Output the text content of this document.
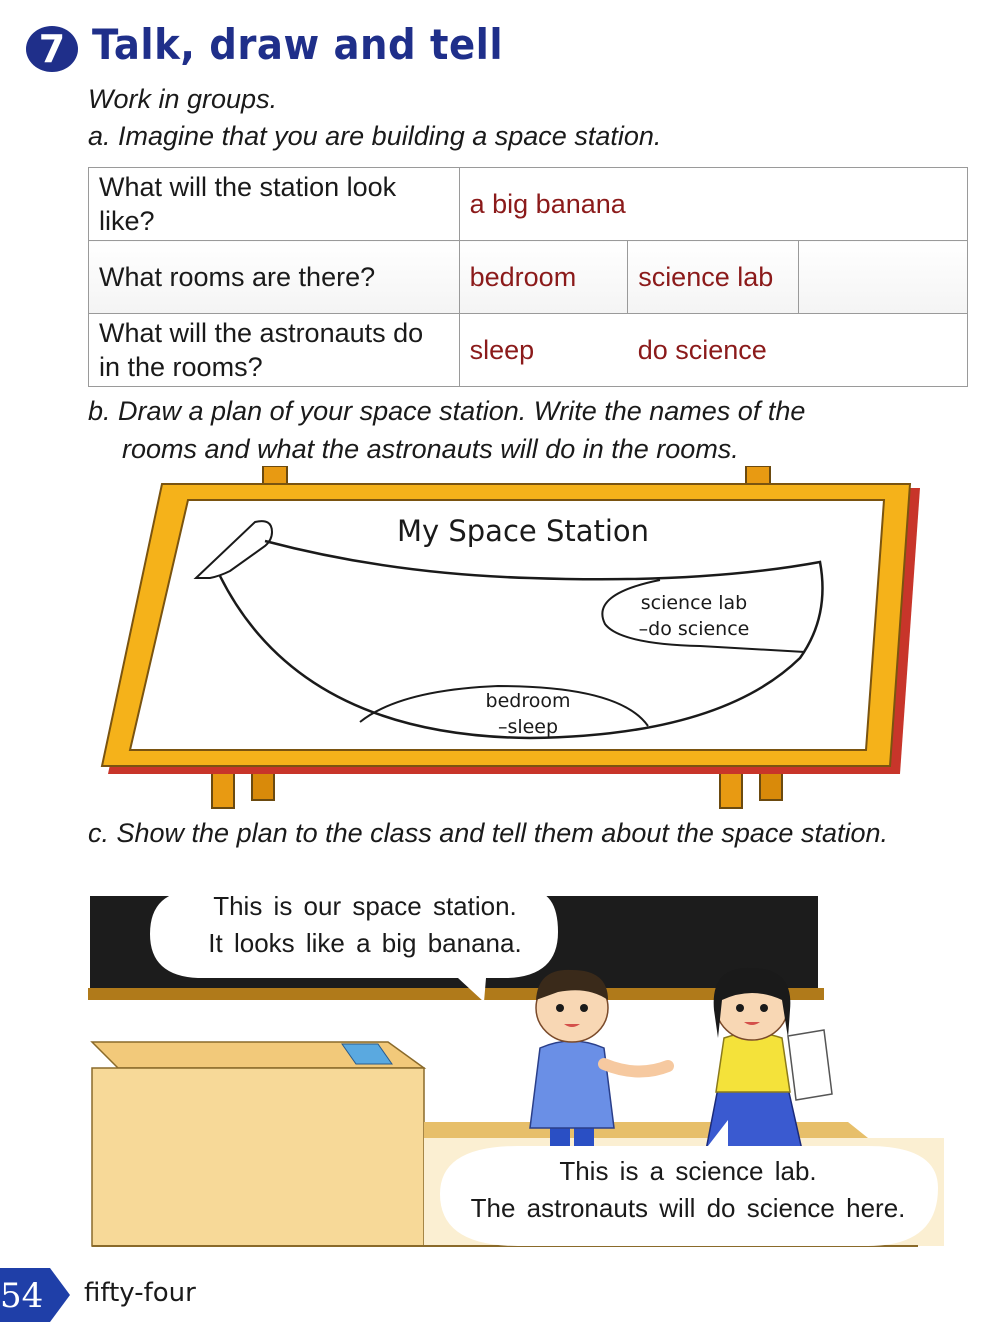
7 Talk, draw and tell
Work in groups.
a. Imagine that you are building a space station.
What will the station look like?	a big banana		
What rooms are there?	bedroom	science lab	
What will the astronauts do in the rooms?	sleep	do science	
b. Draw a plan of your space station. Write the names of the
rooms and what the astronauts will do in the rooms.
My Space Station
science lab
–do science
bedroom
–sleep
c. Show the plan to the class and tell them about the space station.
This is our space station.
It looks like a big banana.
This is a science lab.
The astronauts will do science here.
54 fifty-four
